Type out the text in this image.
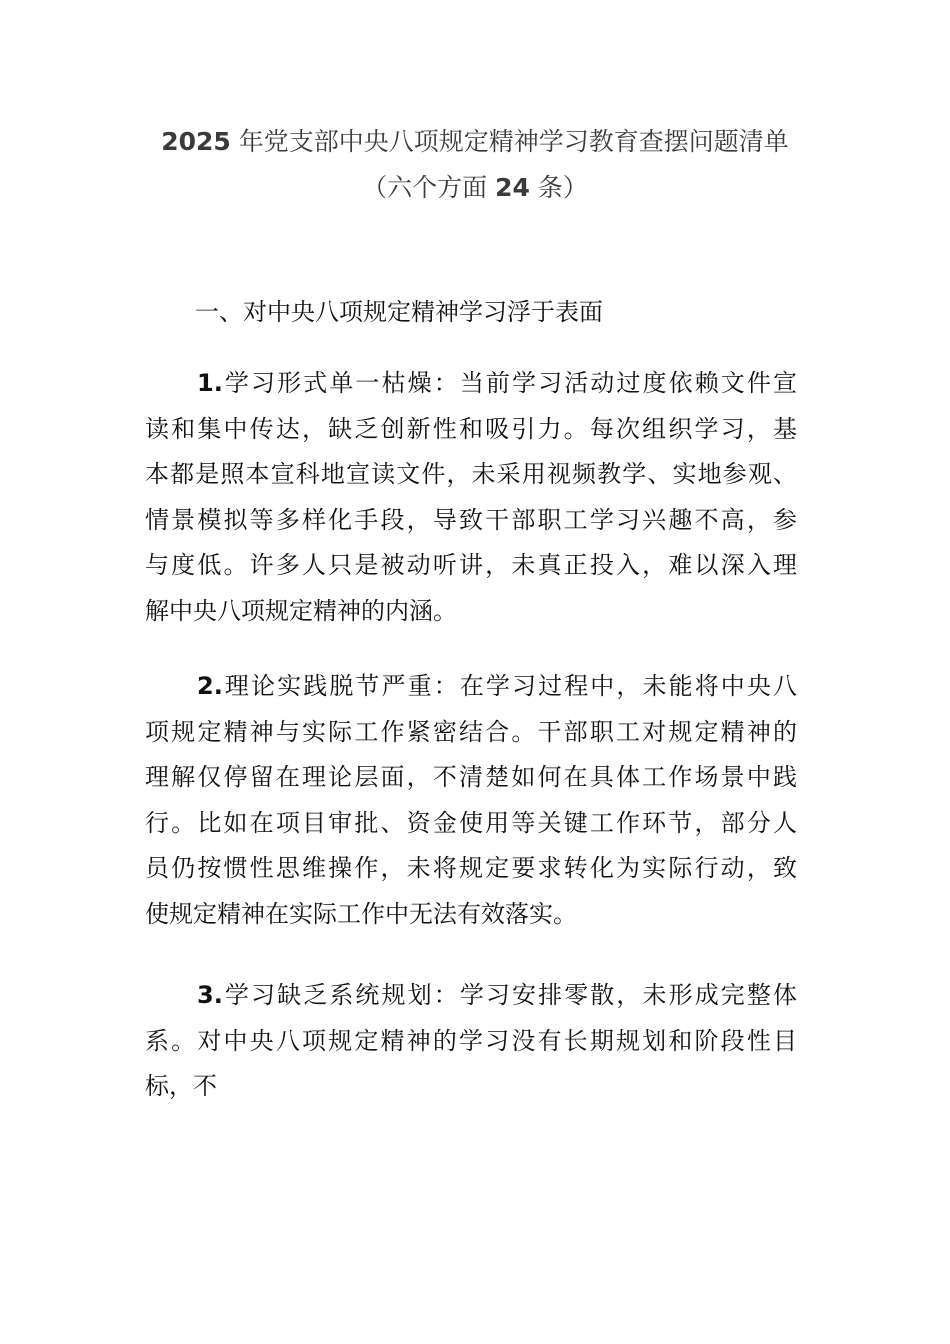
2025 年党支部中央八项规定精神学习教育查摆问题清单
（六个方面 24 条）
一、对中央八项规定精神学习浮于表面
1.学习形式单一枯燥：当前学习活动过度依赖文件宣
读和集中传达，缺乏创新性和吸引力。每次组织学习，基
本都是照本宣科地宣读文件，未采用视频教学、实地参观、
情景模拟等多样化手段，导致干部职工学习兴趣不高，参
与度低。许多人只是被动听讲，未真正投入，难以深入理
解中央八项规定精神的内涵。
2.理论实践脱节严重：在学习过程中，未能将中央八
项规定精神与实际工作紧密结合。干部职工对规定精神的
理解仅停留在理论层面，不清楚如何在具体工作场景中践
行。比如在项目审批、资金使用等关键工作环节，部分人
员仍按惯性思维操作，未将规定要求转化为实际行动，致
使规定精神在实际工作中无法有效落实。
3.学习缺乏系统规划：学习安排零散，未形成完整体
系。对中央八项规定精神的学习没有长期规划和阶段性目
标，不
